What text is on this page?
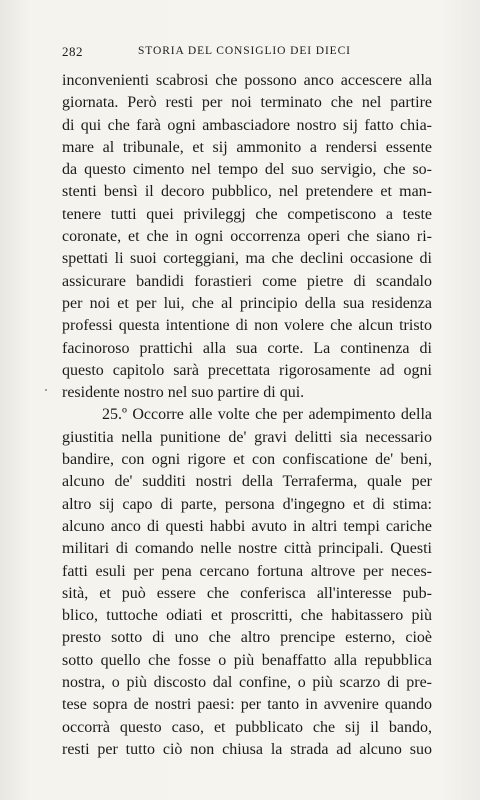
282	STORIA DEL CONSIGLIO DEI DIECI
inconvenienti scabrosi che possono anco accescere alla
giornata. Però resti per noi terminato che nel partire
di qui che farà ogni ambasciadore nostro sij fatto chia-
mare al tribunale, et sij ammonito a rendersi essente
da questo cimento nel tempo del suo servigio, che so-
stenti bensì il decoro pubblico, nel pretendere et man-
tenere tutti quei privileggj che competiscono a teste
coronate, et che in ogni occorrenza operi che siano ri-
spettati li suoi corteggiani, ma che declini occasione di
assicurare bandidi forastieri come pietre di scandalo
per noi et per lui, che al principio della sua residenza
professi questa intentione di non volere che alcun tristo
facinoroso prattichi alla sua corte. La continenza di
questo capitolo sarà precettata rigorosamente ad ogni
residente nostro nel suo partire di qui.
25.º Occorre alle volte che per adempimento della
giustitia nella punitione de' gravi delitti sia necessario
bandire, con ogni rigore et con confiscatione de' beni,
alcuno de' sudditi nostri della Terraferma, quale per
altro sij capo di parte, persona d'ingegno et di stima:
alcuno anco di questi habbi avuto in altri tempi cariche
militari di comando nelle nostre città principali. Questi
fatti esuli per pena cercano fortuna altrove per neces-
sità, et può essere che conferisca all'interesse pub-
blico, tuttoche odiati et proscritti, che habitassero più
presto sotto di uno che altro prencipe esterno, cioè
sotto quello che fosse o più benaffatto alla repubblica
nostra, o più discosto dal confine, o più scarzo di pre-
tese sopra de nostri paesi: per tanto in avvenire quando
occorrà questo caso, et pubblicato che sij il bando,
resti per tutto ciò non chiusa la strada ad alcuno suo
